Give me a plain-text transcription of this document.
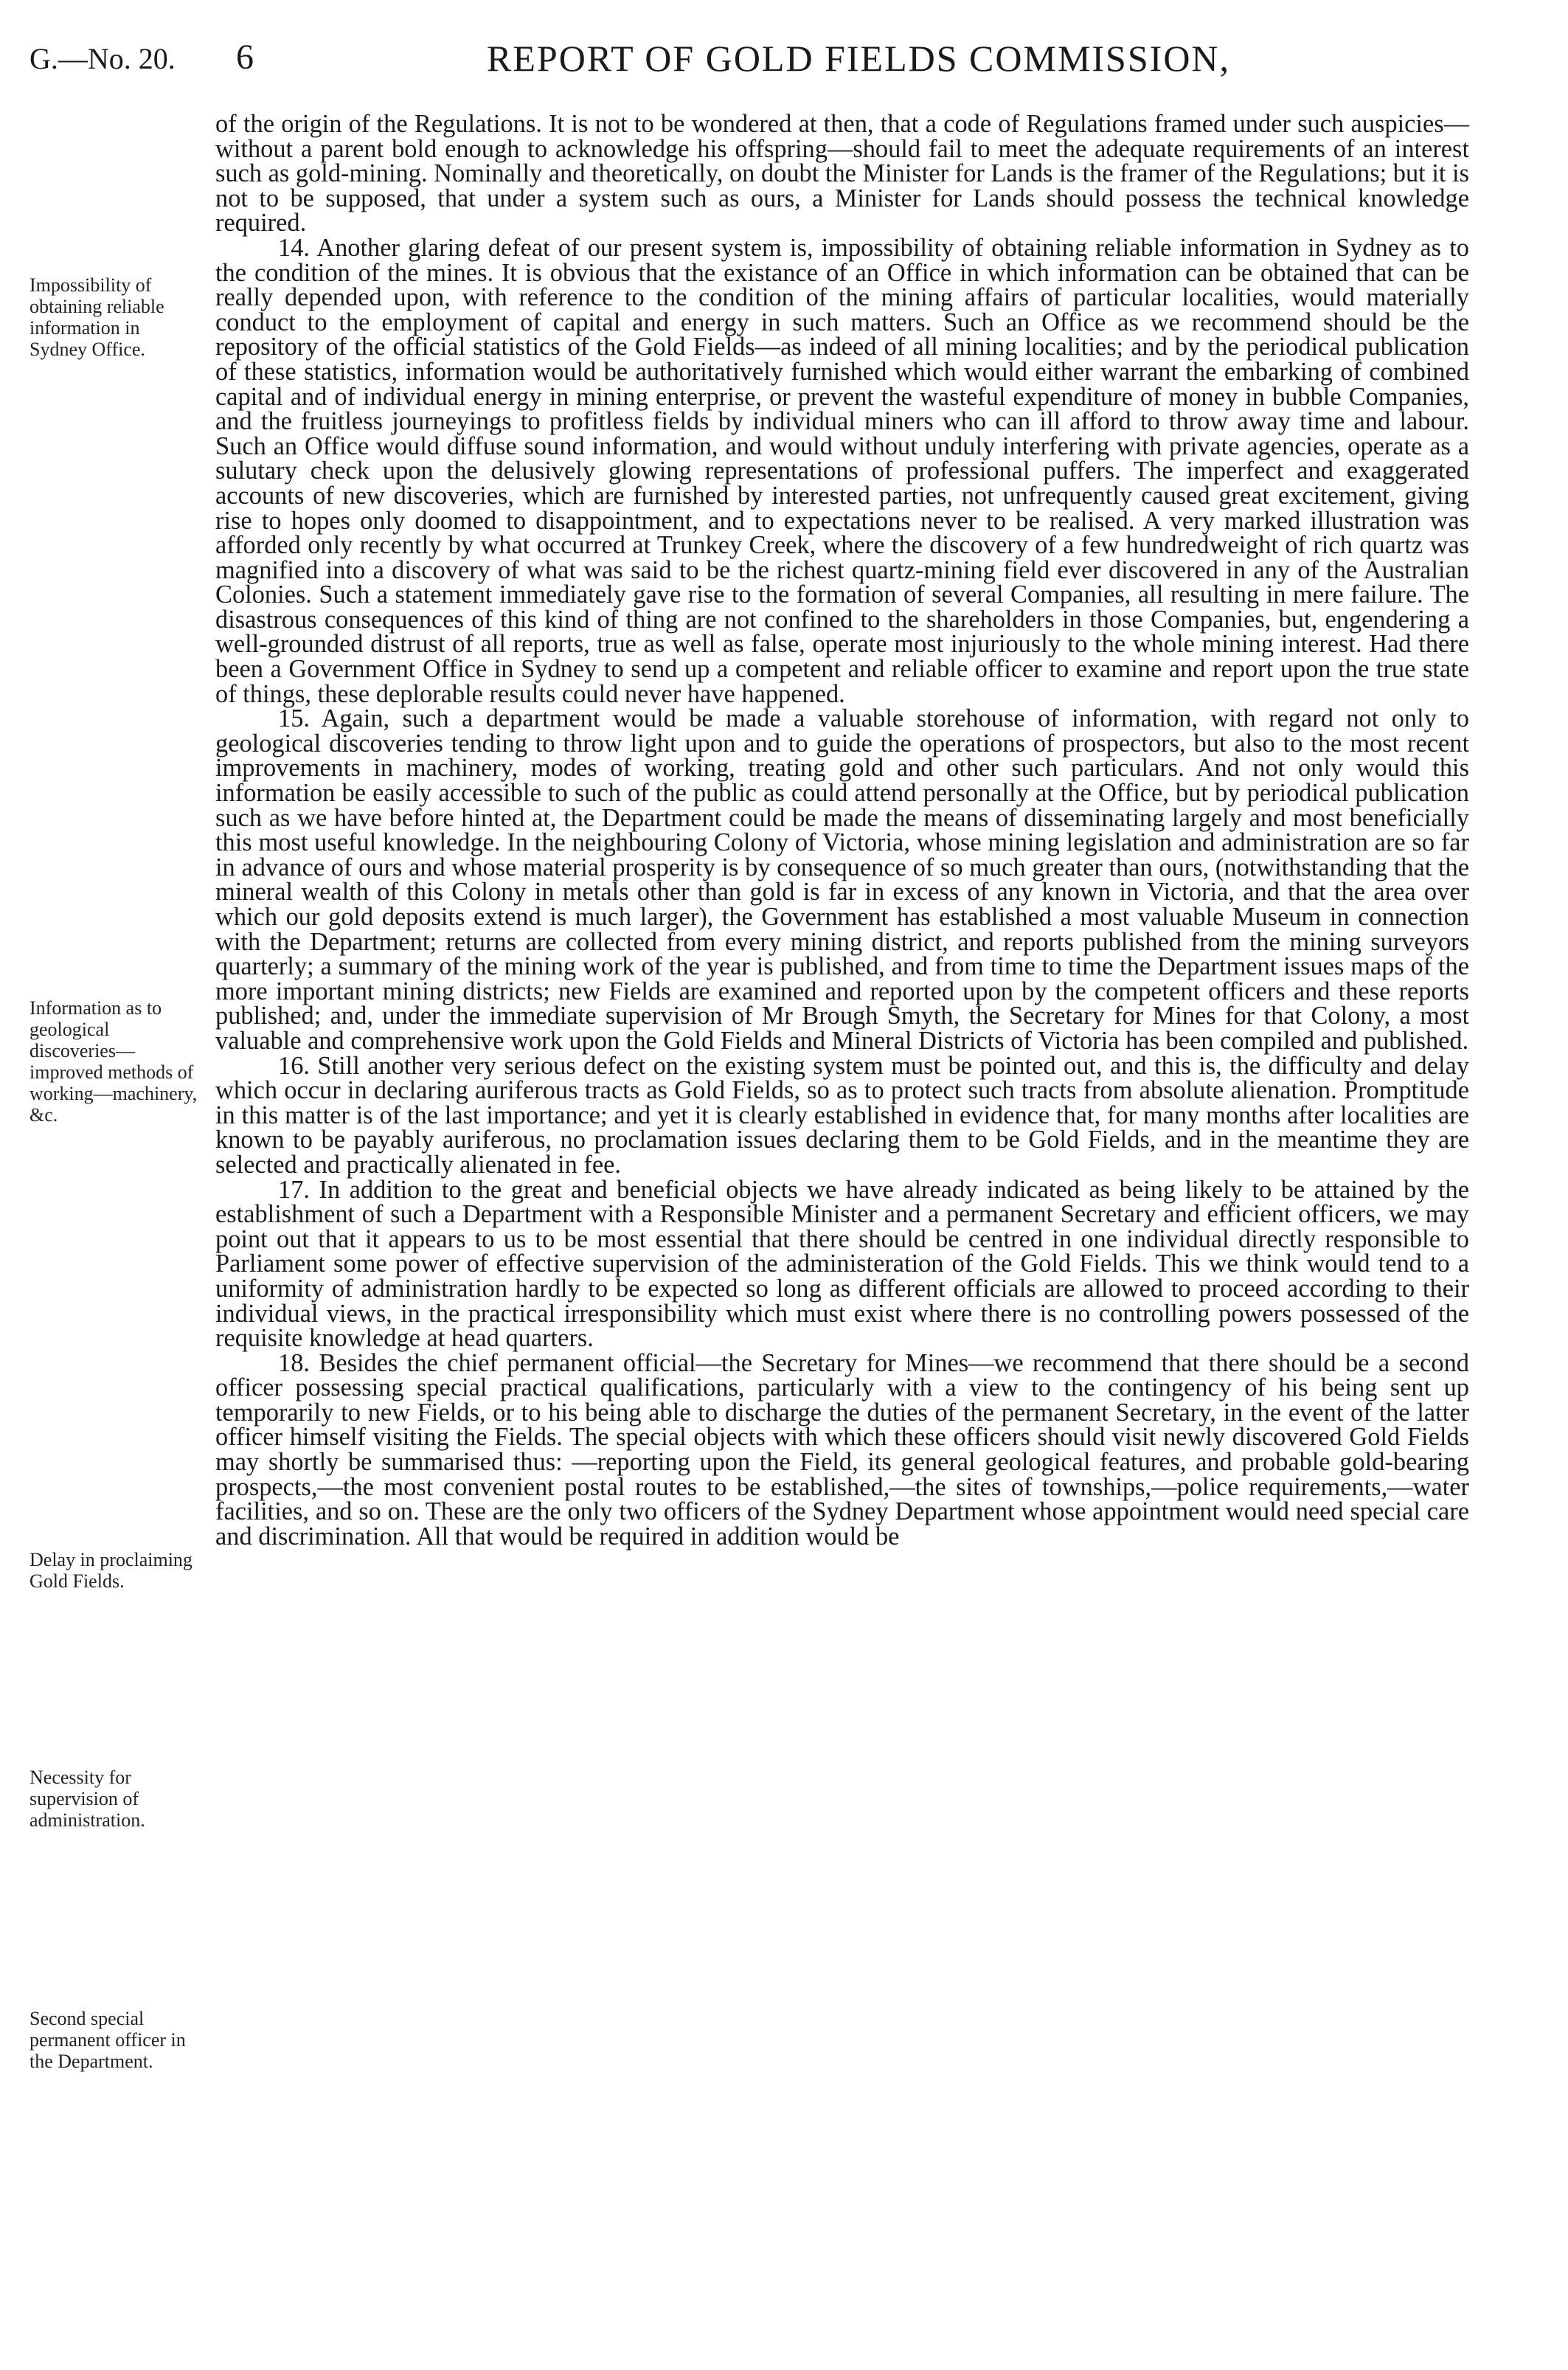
G.—No. 20. 6	REPORT OF GOLD FIELDS COMMISSION,
Impossibility of obtaining reliable information in Sydney Office.
Information as to geological discoveries—improved methods of working—machinery, &c.
Delay in proclaiming Gold Fields.
Necessity for supervision of administration.
Second special permanent officer in the Department.

of the origin of the Regulations. It is not to be wondered at then, that a code of Regulations framed under such auspicies—without a parent bold enough to acknowledge his offspring—should fail to meet the adequate requirements of an interest such as gold-mining. Nominally and theoretically, on doubt the Minister for Lands is the framer of the Regulations; but it is not to be supposed, that under a system such as ours, a Minister for Lands should possess the technical knowledge required.

14. Another glaring defeat of our present system is, impossibility of obtaining reliable information in Sydney as to the condition of the mines. It is obvious that the existance of an Office in which information can be obtained that can be really depended upon, with reference to the condition of the mining affairs of particular localities, would materially conduct to the employment of capital and energy in such matters. Such an Office as we recommend should be the repository of the official statistics of the Gold Fields—as indeed of all mining localities; and by the periodical publication of these statistics, information would be authoritatively furnished which would either warrant the embarking of combined capital and of individual energy in mining enterprise, or prevent the wasteful expenditure of money in bubble Companies, and the fruitless journeyings to profitless fields by individual miners who can ill afford to throw away time and labour. Such an Office would diffuse sound information, and would without unduly interfering with private agencies, operate as a sulutary check upon the delusively glowing representations of professional puffers. The imperfect and exaggerated accounts of new discoveries, which are furnished by interested parties, not unfrequently caused great excitement, giving rise to hopes only doomed to disappointment, and to expectations never to be realised. A very marked illustration was afforded only recently by what occurred at Trunkey Creek, where the discovery of a few hundredweight of rich quartz was magnified into a discovery of what was said to be the richest quartz-mining field ever discovered in any of the Australian Colonies. Such a statement immediately gave rise to the formation of several Companies, all resulting in mere failure. The disastrous consequences of this kind of thing are not confined to the shareholders in those Companies, but, engendering a well-grounded distrust of all reports, true as well as false, operate most injuriously to the whole mining interest. Had there been a Government Office in Sydney to send up a competent and reliable officer to examine and report upon the true state of things, these deplorable results could never have happened.

15. Again, such a department would be made a valuable storehouse of information, with regard not only to geological discoveries tending to throw light upon and to guide the operations of prospectors, but also to the most recent improvements in machinery, modes of working, treating gold and other such particulars. And not only would this information be easily accessible to such of the public as could attend personally at the Office, but by periodical publication such as we have before hinted at, the Department could be made the means of disseminating largely and most beneficially this most useful knowledge. In the neighbouring Colony of Victoria, whose mining legislation and administration are so far in advance of ours and whose material prosperity is by consequence of so much greater than ours, (notwithstanding that the mineral wealth of this Colony in metals other than gold is far in excess of any known in Victoria, and that the area over which our gold deposits extend is much larger), the Government has established a most valuable Museum in connection with the Department; returns are collected from every mining district, and reports published from the mining surveyors quarterly; a summary of the mining work of the year is published, and from time to time the Department issues maps of the more important mining districts; new Fields are examined and reported upon by the competent officers and these reports published; and, under the immediate supervision of Mr Brough Smyth, the Secretary for Mines for that Colony, a most valuable and comprehensive work upon the Gold Fields and Mineral Districts of Victoria has been compiled and published.

16. Still another very serious defect on the existing system must be pointed out, and this is, the difficulty and delay which occur in declaring auriferous tracts as Gold Fields, so as to protect such tracts from absolute alienation. Promptitude in this matter is of the last importance; and yet it is clearly established in evidence that, for many months after localities are known to be payably auriferous, no proclamation issues declaring them to be Gold Fields, and in the meantime they are selected and practically alienated in fee.

17. In addition to the great and beneficial objects we have already indicated as being likely to be attained by the establishment of such a Department with a Responsible Minister and a permanent Secretary and efficient officers, we may point out that it appears to us to be most essential that there should be centred in one individual directly responsible to Parliament some power of effective supervision of the administeration of the Gold Fields. This we think would tend to a uniformity of administration hardly to be expected so long as different officials are allowed to proceed according to their individual views, in the practical irresponsibility which must exist where there is no controlling powers possessed of the requisite knowledge at head quarters.

18. Besides the chief permanent official—the Secretary for Mines—we recommend that there should be a second officer possessing special practical qualifications, particularly with a view to the contingency of his being sent up temporarily to new Fields, or to his being able to discharge the duties of the permanent Secretary, in the event of the latter officer himself visiting the Fields. The special objects with which these officers should visit newly discovered Gold Fields may shortly be summarised thus: —reporting upon the Field, its general geological features, and probable gold-bearing prospects,—the most convenient postal routes to be established,—the sites of townships,—police requirements,—water facilities, and so on. These are the only two officers of the Sydney Department whose appointment would need special care and discrimination. All that would be required in addition would be
